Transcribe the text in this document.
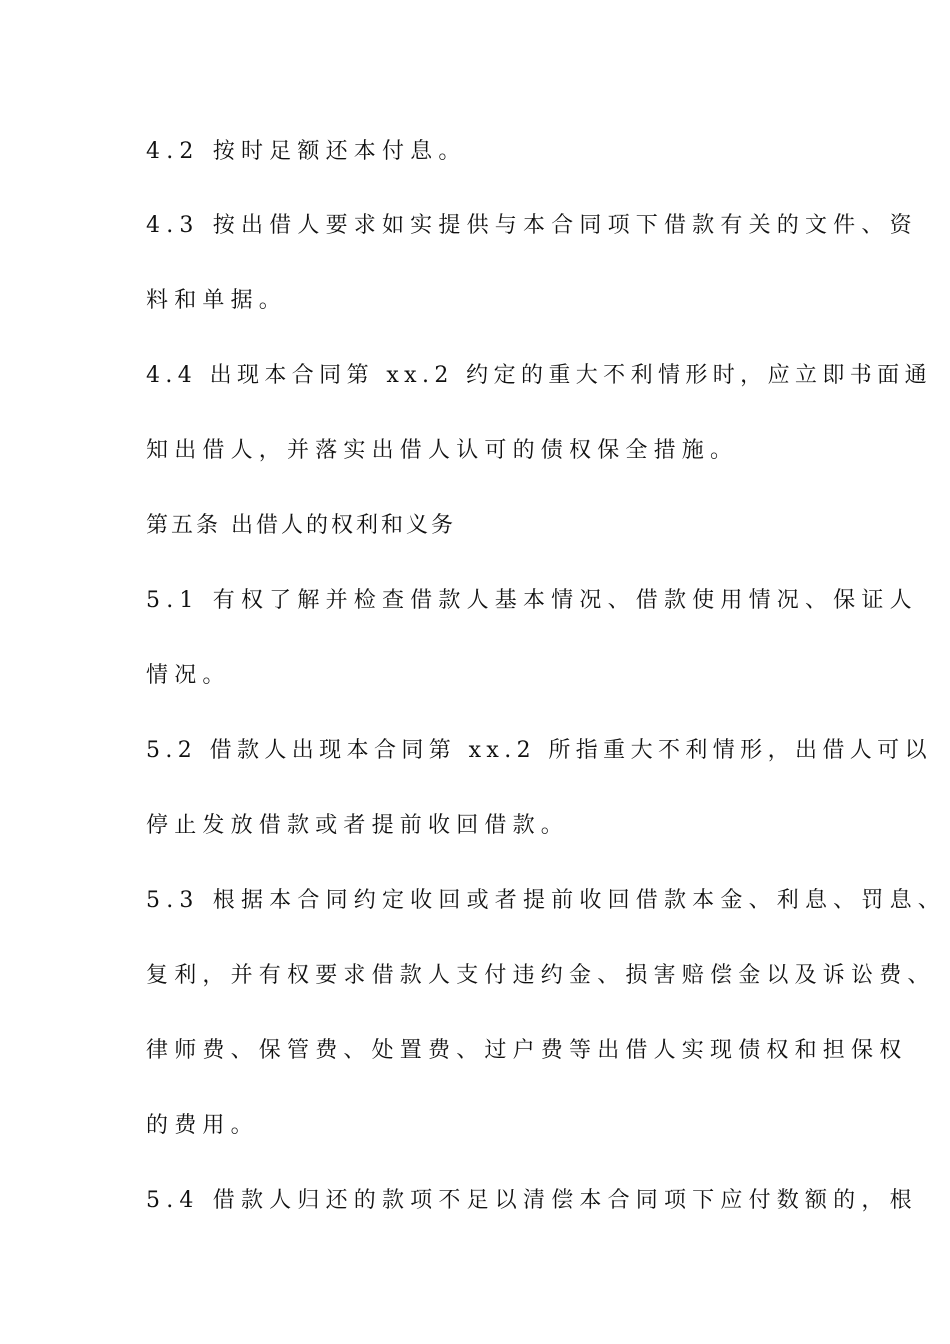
4.2 按时足额还本付息。
4.3 按出借人要求如实提供与本合同项下借款有关的文件、资
料和单据。
4.4 出现本合同第 xx.2 约定的重大不利情形时，应立即书面通
知出借人，并落实出借人认可的债权保全措施。
第五条 出借人的权利和义务
5.1 有权了解并检查借款人基本情况、借款使用情况、保证人
情况。
5.2 借款人出现本合同第 xx.2 所指重大不利情形，出借人可以
停止发放借款或者提前收回借款。
5.3 根据本合同约定收回或者提前收回借款本金、利息、罚息、
复利，并有权要求借款人支付违约金、损害赔偿金以及诉讼费、
律师费、保管费、处置费、过户费等出借人实现债权和担保权
的费用。
5.4 借款人归还的款项不足以清偿本合同项下应付数额的，根
